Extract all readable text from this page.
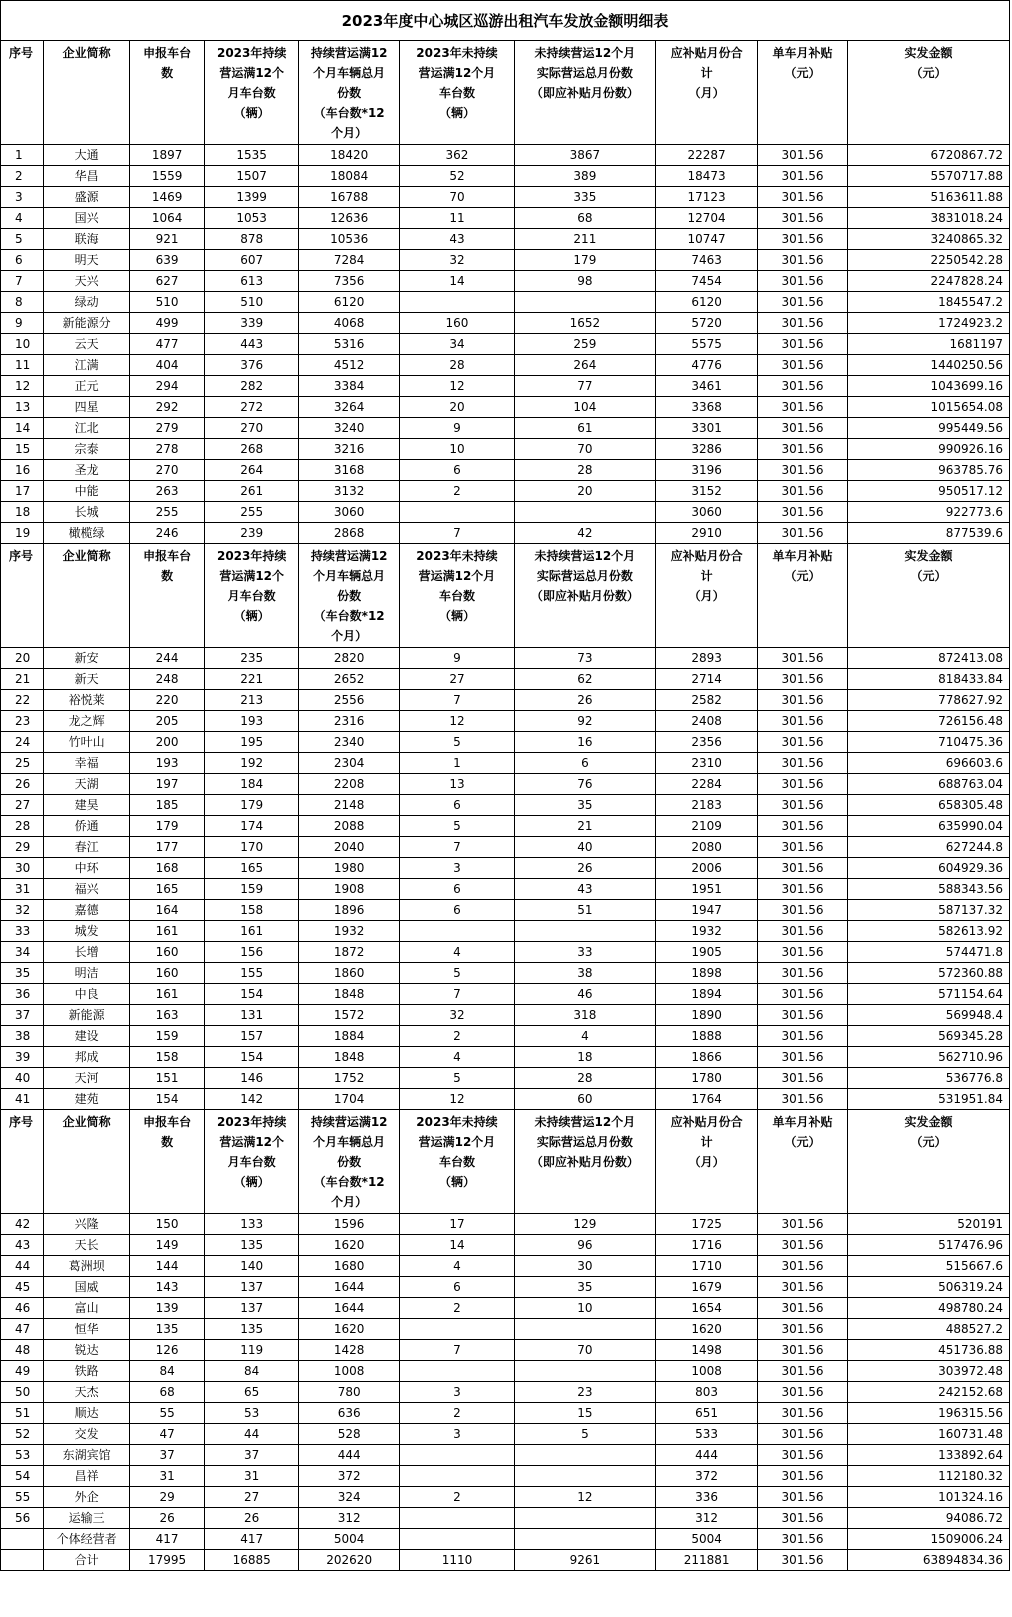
2023年度中心城区巡游出租汽车发放金额明细表									

序号	企业简称	申报车台
数	2023年持续
营运满12个
月车台数
（辆）	持续营运满12
个月车辆总月
份数
（车台数*12
个月）	2023年未持续
营运满12个月
车台数
（辆）	未持续营运12个月
实际营运总月份数
（即应补贴月份数）	应补贴月份合
计
（月）	单车月补贴
（元）	实发金额
（元）

1	大通	1897	1535	18420	362	3867	22287	301.56	6720867.72
2	华昌	1559	1507	18084	52	389	18473	301.56	5570717.88
3	盛源	1469	1399	16788	70	335	17123	301.56	5163611.88
4	国兴	1064	1053	12636	11	68	12704	301.56	3831018.24
5	联海	921	878	10536	43	211	10747	301.56	3240865.32
6	明天	639	607	7284	32	179	7463	301.56	2250542.28
7	天兴	627	613	7356	14	98	7454	301.56	2247828.24
8	绿动	510	510	6120			6120	301.56	1845547.2
9	新能源分	499	339	4068	160	1652	5720	301.56	1724923.2
10	云天	477	443	5316	34	259	5575	301.56	1681197
11	江满	404	376	4512	28	264	4776	301.56	1440250.56
12	正元	294	282	3384	12	77	3461	301.56	1043699.16
13	四星	292	272	3264	20	104	3368	301.56	1015654.08
14	江北	279	270	3240	9	61	3301	301.56	995449.56
15	宗泰	278	268	3216	10	70	3286	301.56	990926.16
16	圣龙	270	264	3168	6	28	3196	301.56	963785.76
17	中能	263	261	3132	2	20	3152	301.56	950517.12
18	长城	255	255	3060			3060	301.56	922773.6
19	橄榄绿	246	239	2868	7	42	2910	301.56	877539.6

序号	企业简称	申报车台
数	2023年持续
营运满12个
月车台数
（辆）	持续营运满12
个月车辆总月
份数
（车台数*12
个月）	2023年未持续
营运满12个月
车台数
（辆）	未持续营运12个月
实际营运总月份数
（即应补贴月份数）	应补贴月份合
计
（月）	单车月补贴
（元）	实发金额
（元）

20	新安	244	235	2820	9	73	2893	301.56	872413.08
21	新天	248	221	2652	27	62	2714	301.56	818433.84
22	裕悦莱	220	213	2556	7	26	2582	301.56	778627.92
23	龙之辉	205	193	2316	12	92	2408	301.56	726156.48
24	竹叶山	200	195	2340	5	16	2356	301.56	710475.36
25	幸福	193	192	2304	1	6	2310	301.56	696603.6
26	天湖	197	184	2208	13	76	2284	301.56	688763.04
27	建昊	185	179	2148	6	35	2183	301.56	658305.48
28	侨通	179	174	2088	5	21	2109	301.56	635990.04
29	春江	177	170	2040	7	40	2080	301.56	627244.8
30	中环	168	165	1980	3	26	2006	301.56	604929.36
31	福兴	165	159	1908	6	43	1951	301.56	588343.56
32	嘉德	164	158	1896	6	51	1947	301.56	587137.32
33	城发	161	161	1932			1932	301.56	582613.92
34	长增	160	156	1872	4	33	1905	301.56	574471.8
35	明洁	160	155	1860	5	38	1898	301.56	572360.88
36	中良	161	154	1848	7	46	1894	301.56	571154.64
37	新能源	163	131	1572	32	318	1890	301.56	569948.4
38	建设	159	157	1884	2	4	1888	301.56	569345.28
39	邦成	158	154	1848	4	18	1866	301.56	562710.96
40	天河	151	146	1752	5	28	1780	301.56	536776.8
41	建苑	154	142	1704	12	60	1764	301.56	531951.84

序号	企业简称	申报车台
数	2023年持续
营运满12个
月车台数
（辆）	持续营运满12
个月车辆总月
份数
（车台数*12
个月）	2023年未持续
营运满12个月
车台数
（辆）	未持续营运12个月
实际营运总月份数
（即应补贴月份数）	应补贴月份合
计
（月）	单车月补贴
（元）	实发金额
（元）

42	兴隆	150	133	1596	17	129	1725	301.56	520191
43	天长	149	135	1620	14	96	1716	301.56	517476.96
44	葛洲坝	144	140	1680	4	30	1710	301.56	515667.6
45	国威	143	137	1644	6	35	1679	301.56	506319.24
46	富山	139	137	1644	2	10	1654	301.56	498780.24
47	恒华	135	135	1620			1620	301.56	488527.2
48	锐达	126	119	1428	7	70	1498	301.56	451736.88
49	铁路	84	84	1008			1008	301.56	303972.48
50	天杰	68	65	780	3	23	803	301.56	242152.68
51	顺达	55	53	636	2	15	651	301.56	196315.56
52	交发	47	44	528	3	5	533	301.56	160731.48
53	东湖宾馆	37	37	444			444	301.56	133892.64
54	昌祥	31	31	372			372	301.56	112180.32
55	外企	29	27	324	2	12	336	301.56	101324.16
56	运输三	26	26	312			312	301.56	94086.72
	个体经营者	417	417	5004			5004	301.56	1509006.24
	合计	17995	16885	202620	1110	9261	211881	301.56	63894834.36
